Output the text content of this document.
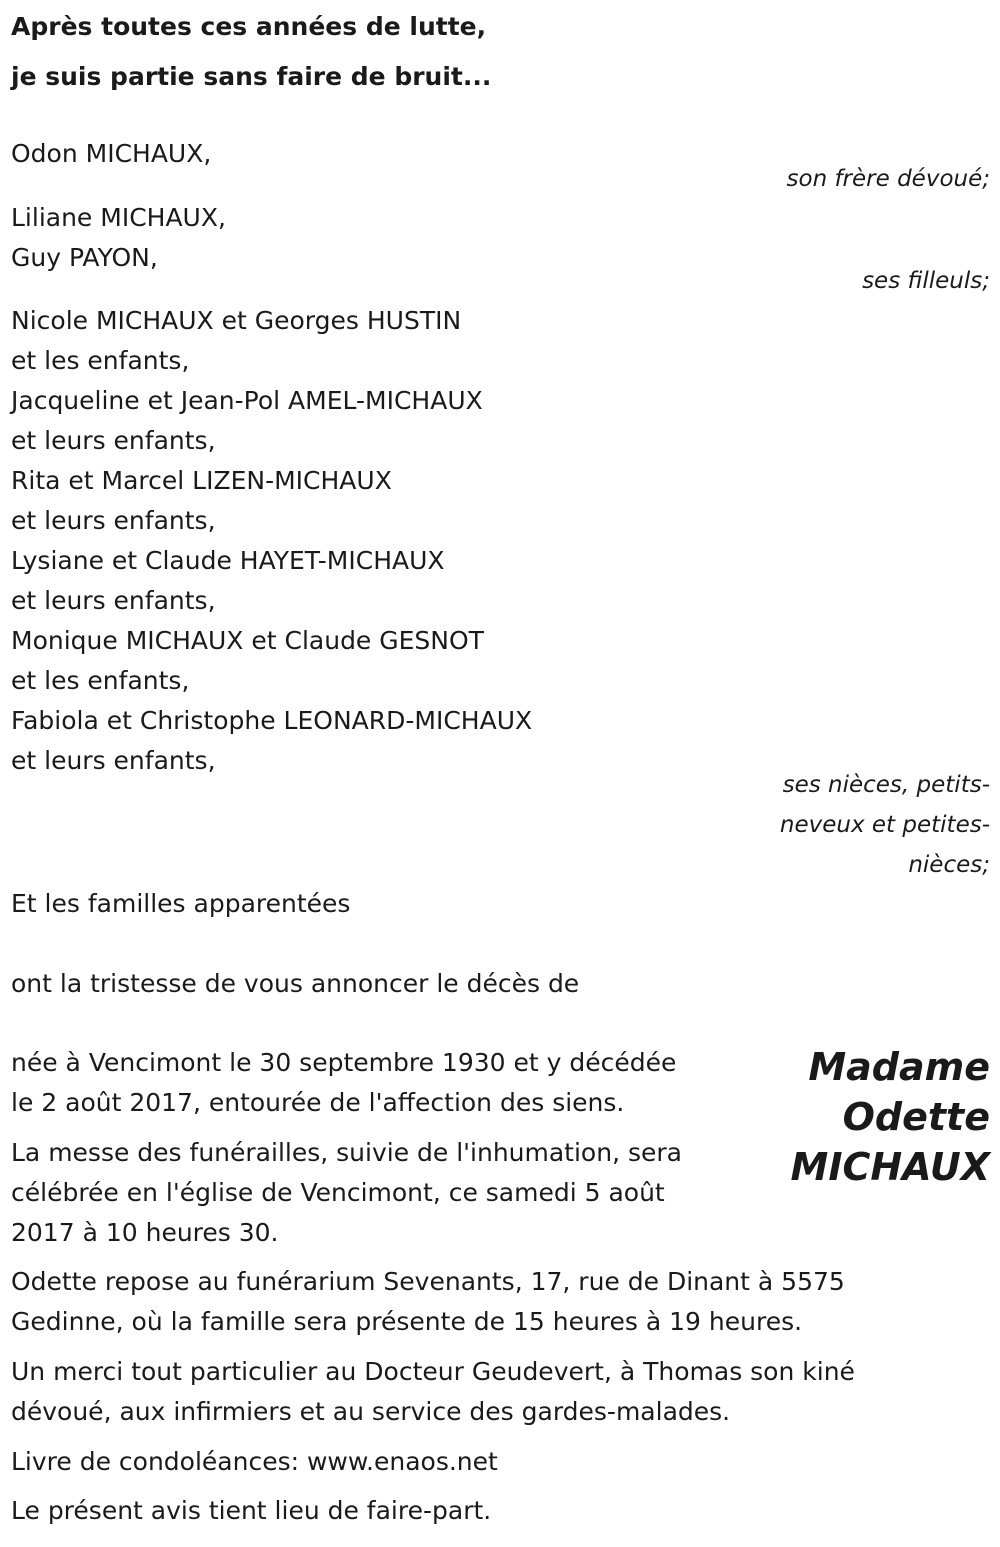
Après toutes ces années de lutte,
je suis partie sans faire de bruit...
Odon MICHAUX,
son frère dévoué;
Liliane MICHAUX,
Guy PAYON,
ses filleuls;
Nicole MICHAUX et Georges HUSTIN
et les enfants,
Jacqueline et Jean-Pol AMEL-MICHAUX
et leurs enfants,
Rita et Marcel LIZEN-MICHAUX
et leurs enfants,
Lysiane et Claude HAYET-MICHAUX
et leurs enfants,
Monique MICHAUX et Claude GESNOT
et les enfants,
Fabiola et Christophe LEONARD-MICHAUX
et leurs enfants,
ses nièces, petits-
neveux et petites-
nièces;
Et les familles apparentées
ont la tristesse de vous annoncer le décès de
Madame
Odette
MICHAUX
née à Vencimont le 30 septembre 1930 et y décédée
le 2 août 2017, entourée de l'affection des siens.
La messe des funérailles, suivie de l'inhumation, sera
célébrée en l'église de Vencimont, ce samedi 5 août
2017 à 10 heures 30.
Odette repose au funérarium Sevenants, 17, rue de Dinant à 5575
Gedinne, où la famille sera présente de 15 heures à 19 heures.
Un merci tout particulier au Docteur Geudevert, à Thomas son kiné
dévoué, aux infirmiers et au service des gardes-malades.
Livre de condoléances: www.enaos.net
Le présent avis tient lieu de faire-part.
